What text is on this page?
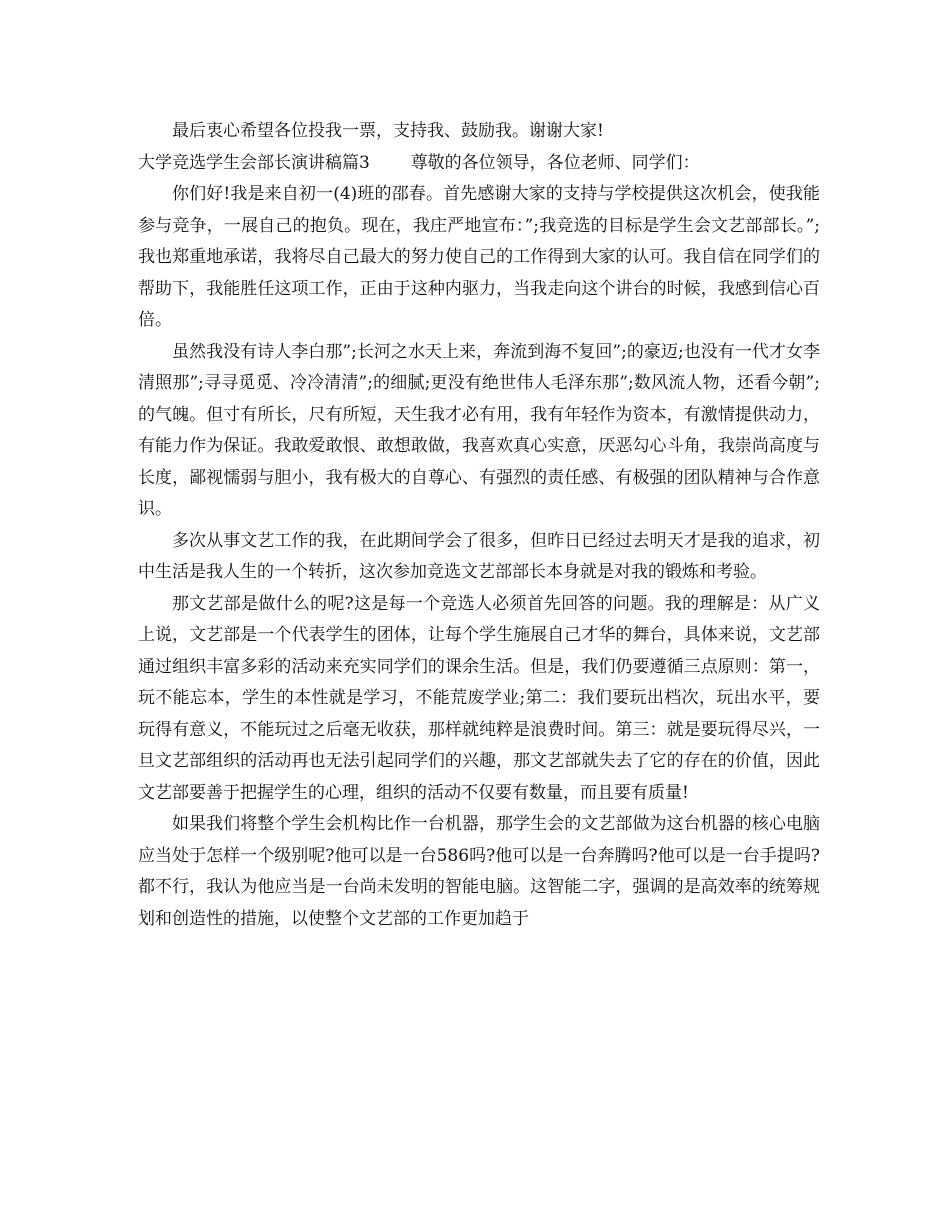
最后衷心希望各位投我一票，支持我、鼓励我。谢谢大家!

大学竞选学生会部长演讲稿篇3 尊敬的各位领导，各位老师、同学们：

你们好!我是来自初一(4)班的邵春。首先感谢大家的支持与学校提供这次机会，使我能参与竞争，一展自己的抱负。现在，我庄严地宣布：”;我竞选的目标是学生会文艺部部长。”;我也郑重地承诺，我将尽自己最大的努力使自己的工作得到大家的认可。我自信在同学们的帮助下，我能胜任这项工作，正由于这种内驱力，当我走向这个讲台的时候，我感到信心百倍。

虽然我没有诗人李白那”;长河之水天上来，奔流到海不复回”;的豪迈;也没有一代才女李清照那”;寻寻觅觅、冷冷清清”;的细腻;更没有绝世伟人毛泽东那”;数风流人物，还看今朝”;的气魄。但寸有所长，尺有所短，天生我才必有用，我有年轻作为资本，有激情提供动力，有能力作为保证。我敢爱敢恨、敢想敢做，我喜欢真心实意，厌恶勾心斗角，我崇尚高度与长度，鄙视懦弱与胆小，我有极大的自尊心、有强烈的责任感、有极强的团队精神与合作意识。

多次从事文艺工作的我，在此期间学会了很多，但昨日已经过去明天才是我的追求，初中生活是我人生的一个转折，这次参加竞选文艺部部长本身就是对我的锻炼和考验。

那文艺部是做什么的呢?这是每一个竞选人必须首先回答的问题。我的理解是：从广义上说，文艺部是一个代表学生的团体，让每个学生施展自己才华的舞台，具体来说，文艺部通过组织丰富多彩的活动来充实同学们的课余生活。但是，我们仍要遵循三点原则：第一，玩不能忘本，学生的本性就是学习，不能荒废学业;第二：我们要玩出档次，玩出水平，要玩得有意义，不能玩过之后毫无收获，那样就纯粹是浪费时间。第三：就是要玩得尽兴，一旦文艺部组织的活动再也无法引起同学们的兴趣，那文艺部就失去了它的存在的价值，因此文艺部要善于把握学生的心理，组织的活动不仅要有数量，而且要有质量!

如果我们将整个学生会机构比作一台机器，那学生会的文艺部做为这台机器的核心电脑应当处于怎样一个级别呢?他可以是一台586吗?他可以是一台奔腾吗?他可以是一台手提吗?都不行，我认为他应当是一台尚未发明的智能电脑。这智能二字，强调的是高效率的统筹规划和创造性的措施，以使整个文艺部的工作更加趋于
